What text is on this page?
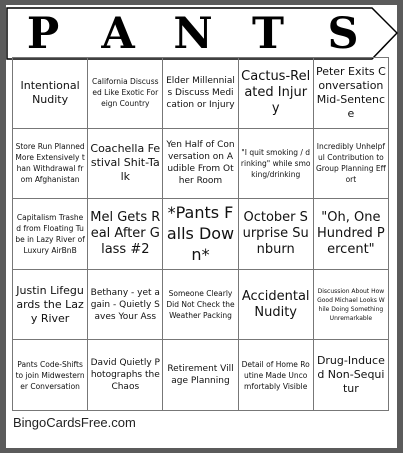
P A N T	S
Intentional Nudity
California Discussed Like Exotic Foreign Country
Elder Millennials Discuss Medication or Injury
Cactus-Related Injury
Peter Exits Conversation Mid-Sentence
Store Run Planned More Extensively than Withdrawal from Afghanistan
Coachella Festival Shit-Talk
Yen Half of Conversation on Audible From Other Room
"I quit smoking / drinking" while smoking/drinking
Incredibly Unhelpful Contribution to Group Planning Effort
Capitalism Trashed from Floating Tube in Lazy River of Luxury AirBnB
Mel Gets Real After Glass #2
*Pants Falls Down*
October Surprise Sunburn
"Oh, One Hundred Percent"
Justin Lifeguards the Lazy River
Bethany - yet again - Quietly Saves Your Ass
Someone Clearly Did Not Check the Weather Packing
Accidental Nudity
Discussion About How Good Michael Looks While Doing Something Unremarkable
Pants Code-Shifts to join Midwesterner Conversation
David Quietly Photographs the Chaos
Retirement Village Planning
Detail of Home Routine Made Uncomfortably Visible
Drug-Induced Non-Sequitur
BingoCardsFree.com
